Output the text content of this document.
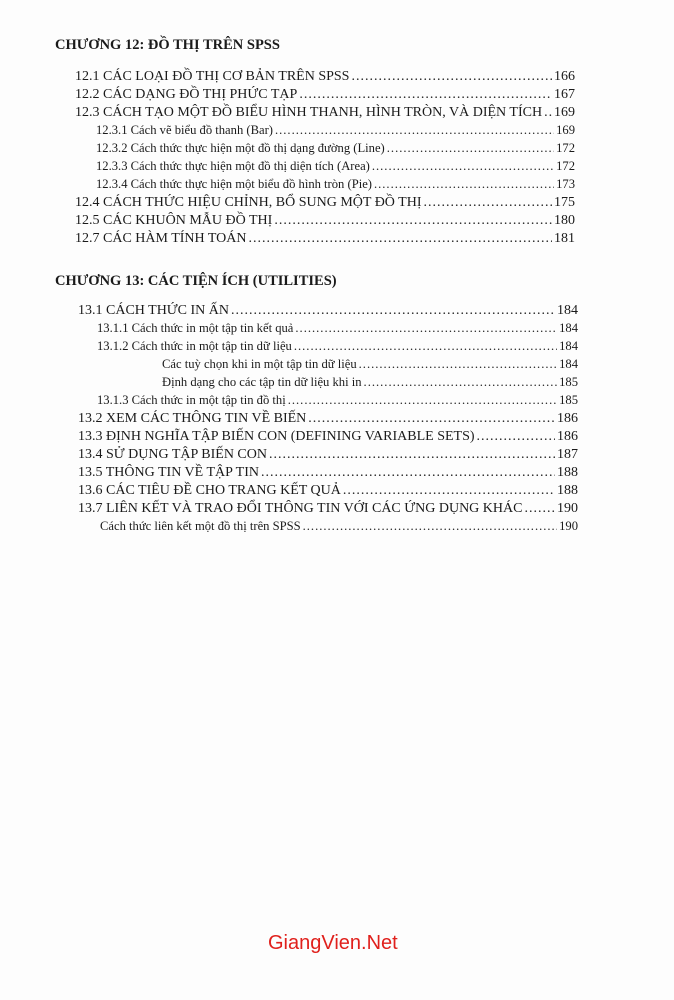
CHƯƠNG 12: ĐỒ THỊ TRÊN SPSS
12.1 CÁC LOẠI ĐỒ THỊ CƠ BẢN TRÊN SPSS .....	166
12.2 CÁC DẠNG ĐỒ THỊ PHỨC TẠP .....	167
12.3 CÁCH TẠO MỘT ĐỒ BIỂU HÌNH THANH, HÌNH TRÒN, VÀ DIỆN TÍCH ..... 169
12.3.1 Cách vẽ biểu đồ thanh (Bar) .....	169
12.3.2 Cách thức thực hiện một đồ thị dạng đường (Line) .....	172
12.3.3 Cách thức thực hiện một đồ thị diện tích (Area) .....	172
12.3.4 Cách thức thực hiện một biểu đồ hình tròn (Pie) .....	173
12.4 CÁCH THỨC HIỆU CHỈNH, BỔ SUNG MỘT ĐỒ THỊ .....	175
12.5 CÁC KHUÔN MẪU ĐỒ THỊ .....	180
12.7 CÁC HÀM TÍNH TOÁN .....	181
CHƯƠNG 13: CÁC TIỆN ÍCH (UTILITIES)
13.1 CÁCH THỨC IN ẤN .....	184
13.1.1 Cách thức in một tập tin kết quả .....	184
13.1.2 Cách thức in một tập tin dữ liệu .....	184
Các tuỳ chọn khi in một tập tin dữ liệu .....	184
Định dạng cho các tập tin dữ liệu khi in .....	185
13.1.3 Cách thức in một tập tin đồ thị .....	185
13.2 XEM CÁC THÔNG TIN VỀ BIẾN .....	186
13.3 ĐỊNH NGHĨA TẬP BIẾN CON (DEFINING VARIABLE SETS) .....	186
13.4 SỬ DỤNG TẬP BIẾN CON .....	187
13.5 THÔNG TIN VỀ TẬP TIN .....	188
13.6 CÁC TIÊU ĐỀ CHO TRANG KẾT QUẢ .....	188
13.7 LIÊN KẾT VÀ TRAO ĐỔI THÔNG TIN VỚI CÁC ỨNG DỤNG KHÁC ..... 190
Cách thức liên kết một đồ thị trên SPSS .....	190
GiangVien.Net
